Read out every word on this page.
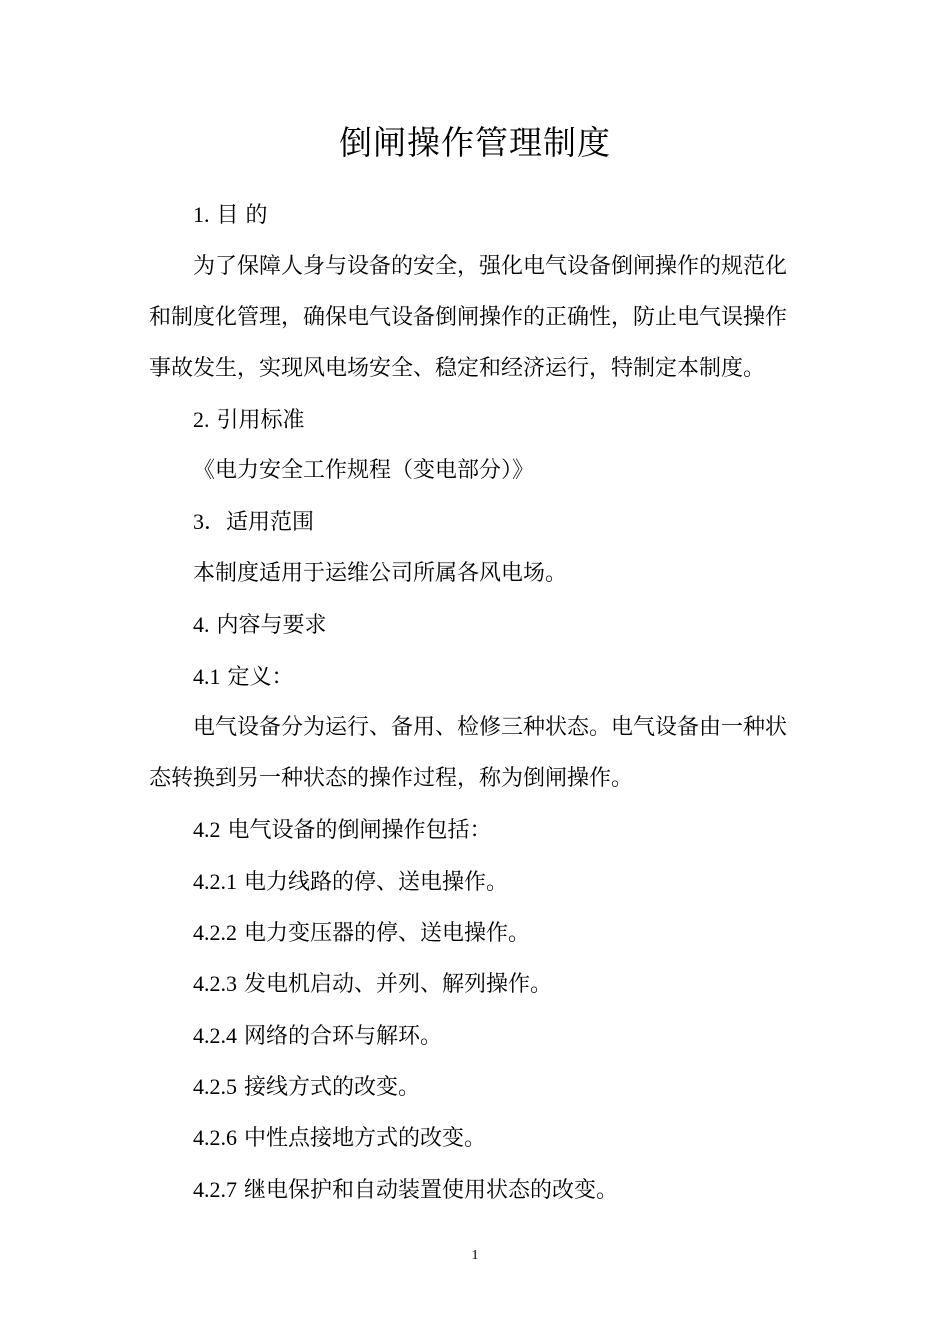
倒闸操作管理制度
1. 目 的
为了保障人身与设备的安全，强化电气设备倒闸操作的规范化
和制度化管理，确保电气设备倒闸操作的正确性，防止电气误操作
事故发生，实现风电场安全、稳定和经济运行，特制定本制度。
2. 引用标准
《电力安全工作规程（变电部分）》
3．适用范围
本制度适用于运维公司所属各风电场。
4. 内容与要求
4.1 定义：
电气设备分为运行、备用、检修三种状态。电气设备由一种状
态转换到另一种状态的操作过程，称为倒闸操作。
4.2 电气设备的倒闸操作包括：
4.2.1 电力线路的停、送电操作。
4.2.2 电力变压器的停、送电操作。
4.2.3 发电机启动、并列、解列操作。
4.2.4 网络的合环与解环。
4.2.5 接线方式的改变。
4.2.6 中性点接地方式的改变。
4.2.7 继电保护和自动装置使用状态的改变。
1
